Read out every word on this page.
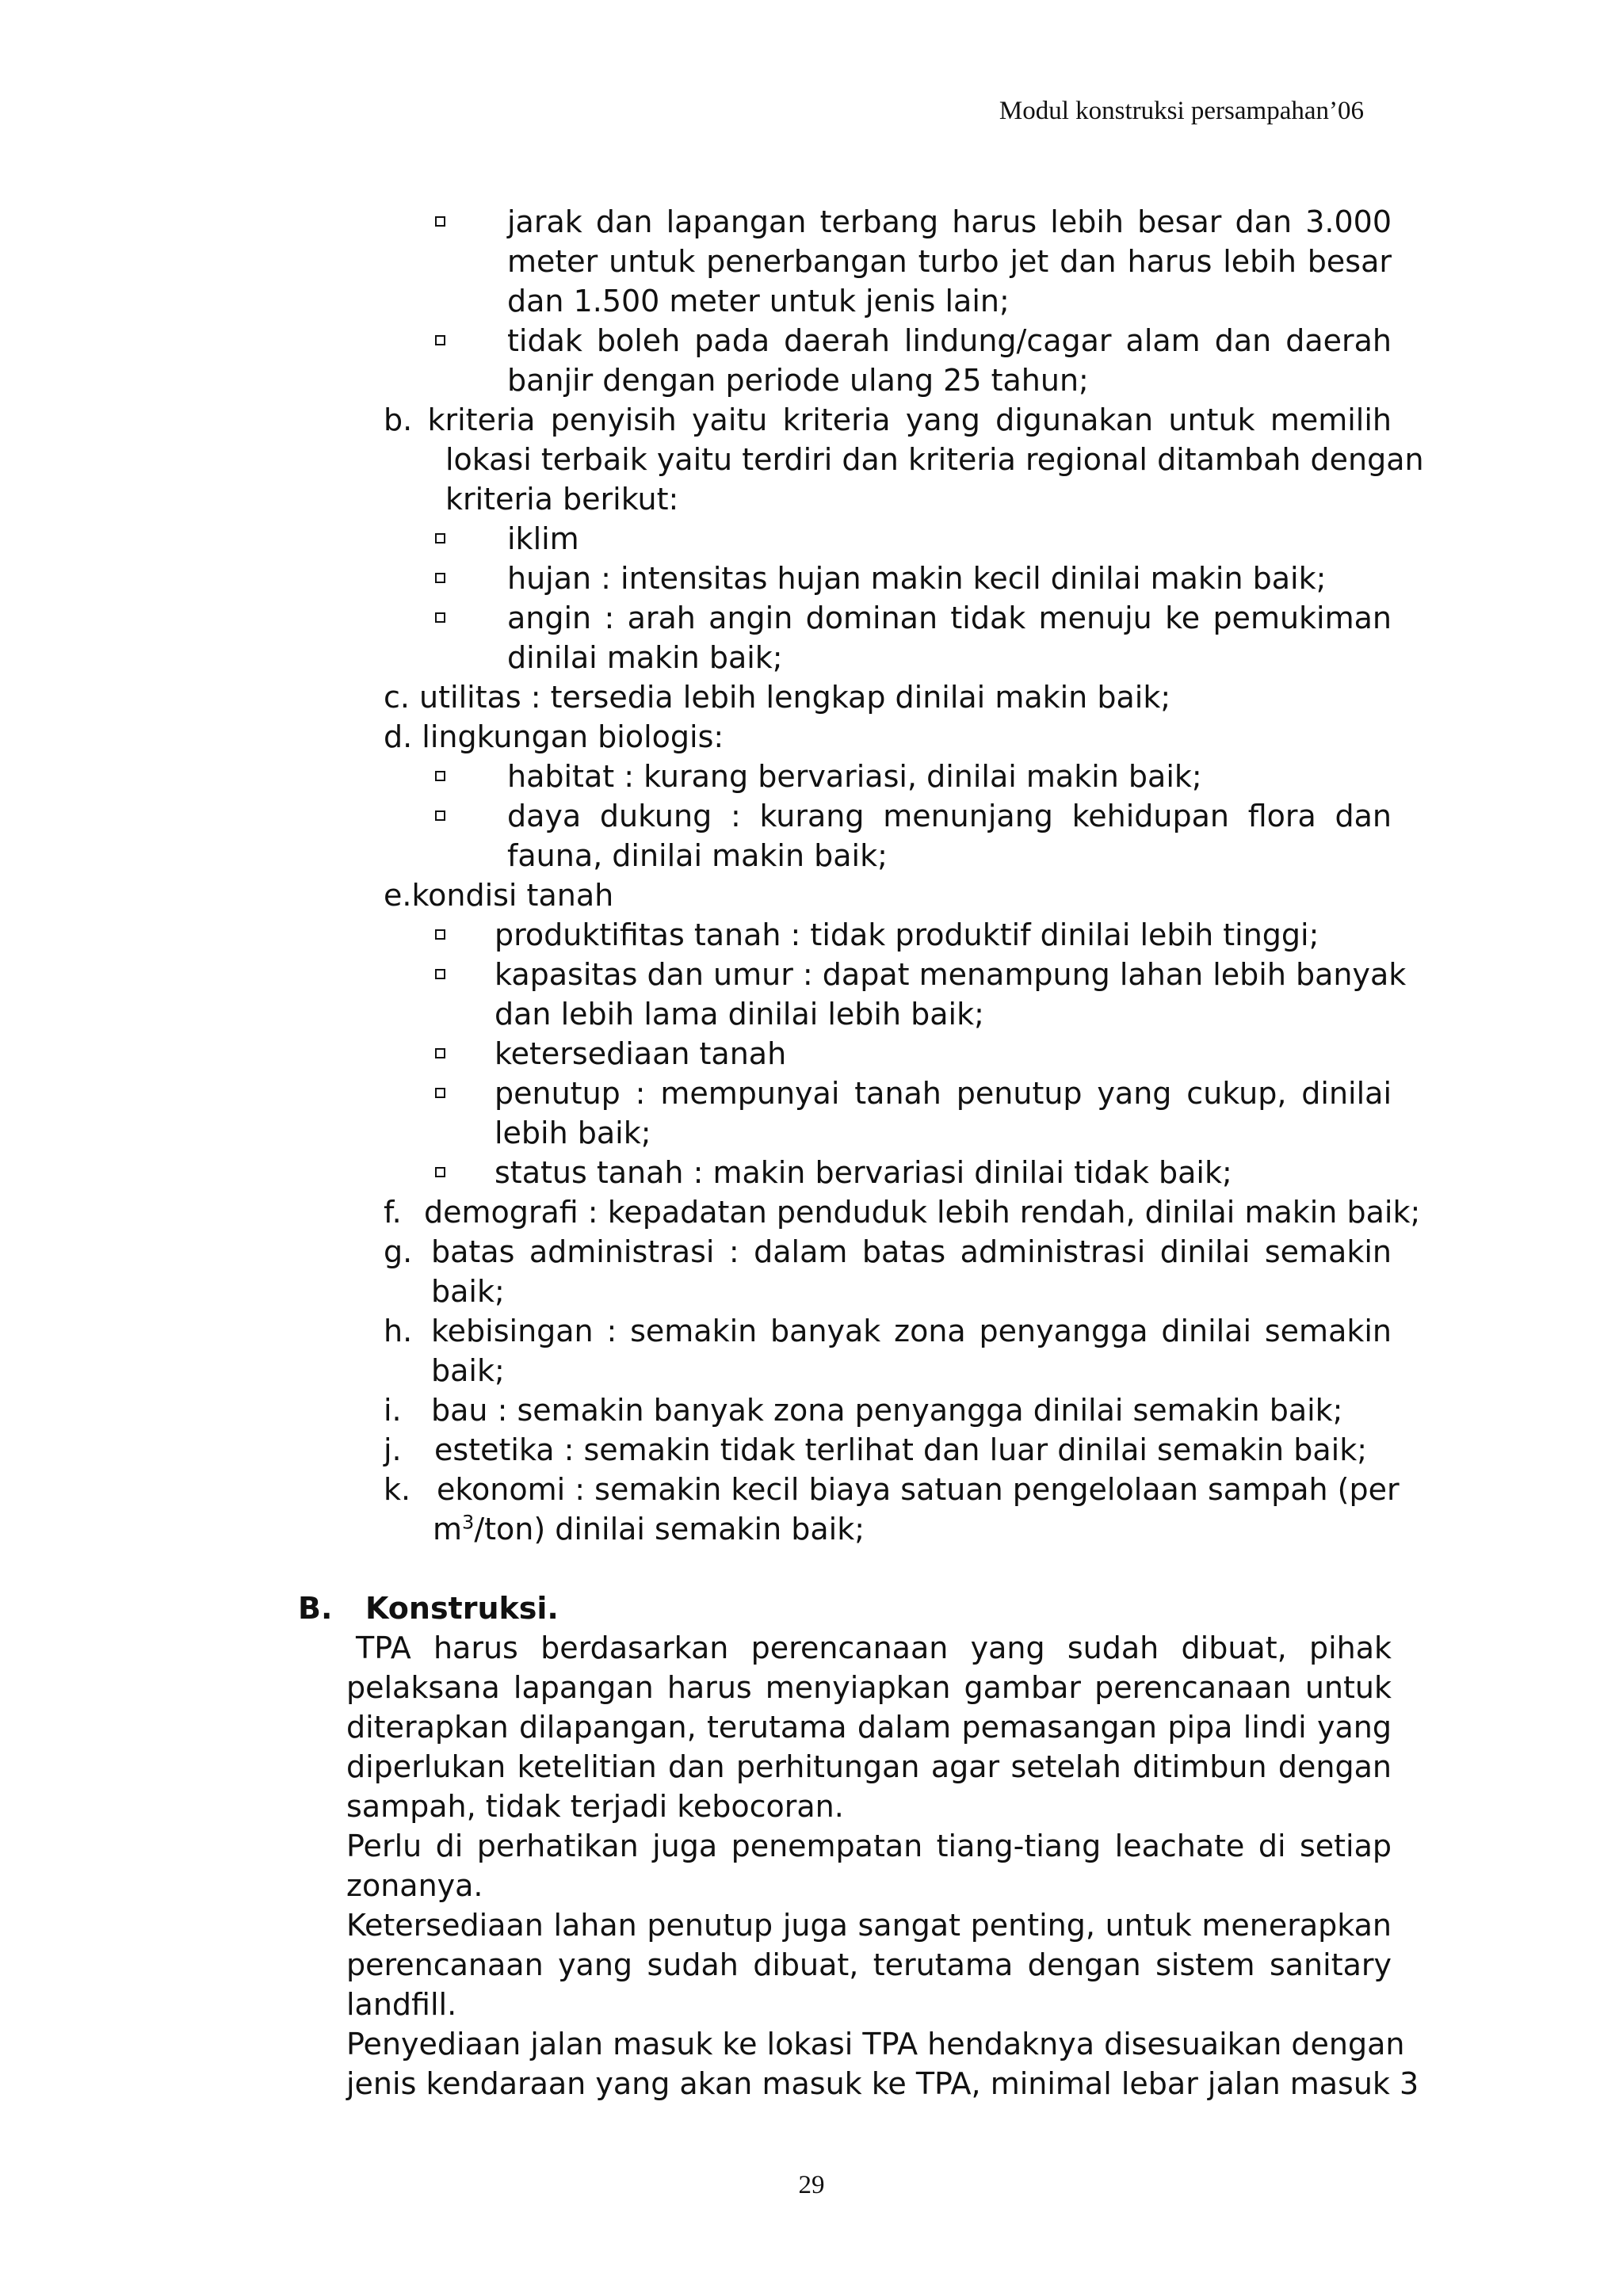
Modul konstruksi persampahan’06
jarak dan lapangan terbang harus lebih besar dan 3.000
meter untuk penerbangan turbo jet dan harus lebih besar
dan 1.500 meter untuk jenis lain;
tidak boleh pada daerah lindung/cagar alam dan daerah
banjir dengan periode ulang 25 tahun;
b. kriteria penyisih yaitu kriteria yang digunakan untuk memilih
lokasi terbaik yaitu terdiri dan kriteria regional ditambah dengan
kriteria berikut:
iklim
hujan : intensitas hujan makin kecil dinilai makin baik;
angin : arah angin dominan tidak menuju ke pemukiman
dinilai makin baik;
c. utilitas : tersedia lebih lengkap dinilai makin baik;
d. lingkungan biologis:
habitat : kurang bervariasi, dinilai makin baik;
daya dukung : kurang menunjang kehidupan flora dan
fauna, dinilai makin baik;
e.kondisi tanah
produktifitas tanah : tidak produktif dinilai lebih tinggi;
kapasitas dan umur : dapat menampung lahan lebih banyak
dan lebih lama dinilai lebih baik;
ketersediaan tanah
penutup : mempunyai tanah penutup yang cukup, dinilai
lebih baik;
status tanah : makin bervariasi dinilai tidak baik;
f. demografi : kepadatan penduduk lebih rendah, dinilai makin baik;
g. batas administrasi : dalam batas administrasi dinilai semakin
baik;
h. kebisingan : semakin banyak zona penyangga dinilai semakin
baik;
i. bau : semakin banyak zona penyangga dinilai semakin baik;
j. estetika : semakin tidak terlihat dan luar dinilai semakin baik;
k. ekonomi : semakin kecil biaya satuan pengelolaan sampah (per
$m^3/ton$) dinilai semakin baik;
B. Konstruksi.
TPA harus berdasarkan perencanaan yang sudah dibuat, pihak
pelaksana lapangan harus menyiapkan gambar perencanaan untuk
diterapkan dilapangan, terutama dalam pemasangan pipa lindi yang
diperlukan ketelitian dan perhitungan agar setelah ditimbun dengan
sampah, tidak terjadi kebocoran.
Perlu di perhatikan juga penempatan tiang-tiang leachate di setiap
zonanya.
Ketersediaan lahan penutup juga sangat penting, untuk menerapkan
perencanaan yang sudah dibuat, terutama dengan sistem sanitary
landfill.
Penyediaan jalan masuk ke lokasi TPA hendaknya disesuaikan dengan
jenis kendaraan yang akan masuk ke TPA, minimal lebar jalan masuk 3
29
